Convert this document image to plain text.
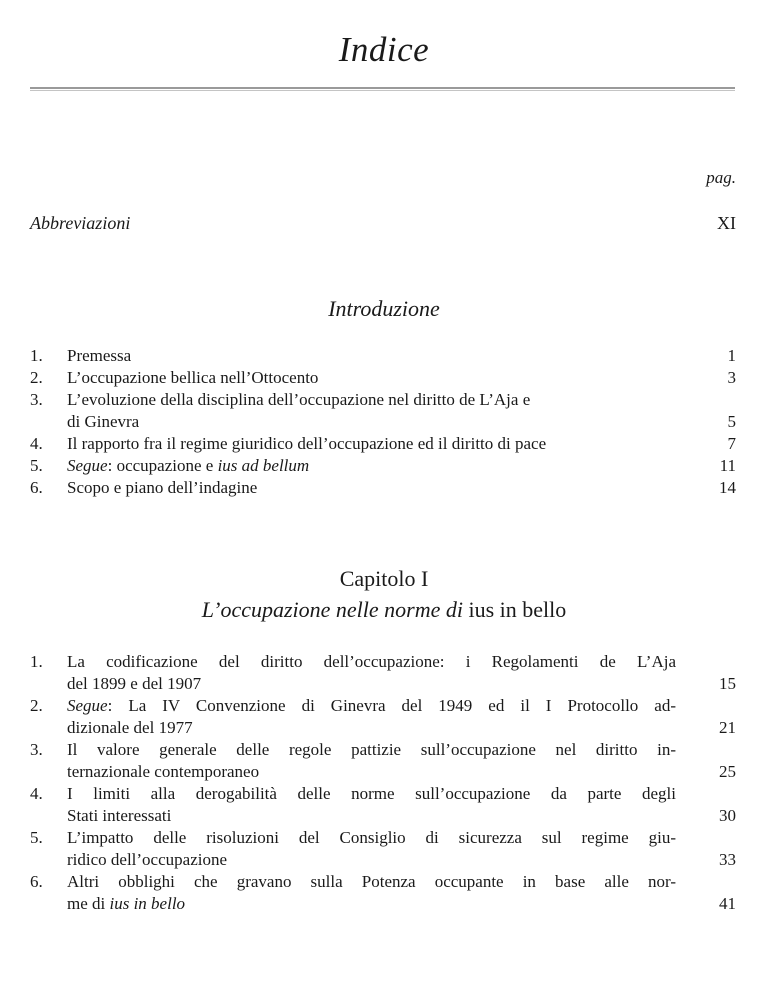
Indice
pag.
Abbreviazioni	XI
Introduzione
1. Premessa	1
2. L’occupazione bellica nell’Ottocento	3
3. L’evoluzione della disciplina dell’occupazione nel diritto de L’Aja e
di Ginevra	5
4. Il rapporto fra il regime giuridico dell’occupazione ed il diritto di pace	7
5. Segue: occupazione e ius ad bellum	11
6. Scopo e piano dell’indagine	14
Capitolo I
L’occupazione nelle norme di ius in bello
1. La codificazione del diritto dell’occupazione: i Regolamenti de L’Aja
del 1899 e del 1907	15
2. Segue: La IV Convenzione di Ginevra del 1949 ed il I Protocollo ad-
dizionale del 1977	21
3. Il valore generale delle regole pattizie sull’occupazione nel diritto in-
ternazionale contemporaneo	25
4. I limiti alla derogabilità delle norme sull’occupazione da parte degli
Stati interessati	30
5. L’impatto delle risoluzioni del Consiglio di sicurezza sul regime giu-
ridico dell’occupazione	33
6. Altri obblighi che gravano sulla Potenza occupante in base alle nor-
me di ius in bello	41
